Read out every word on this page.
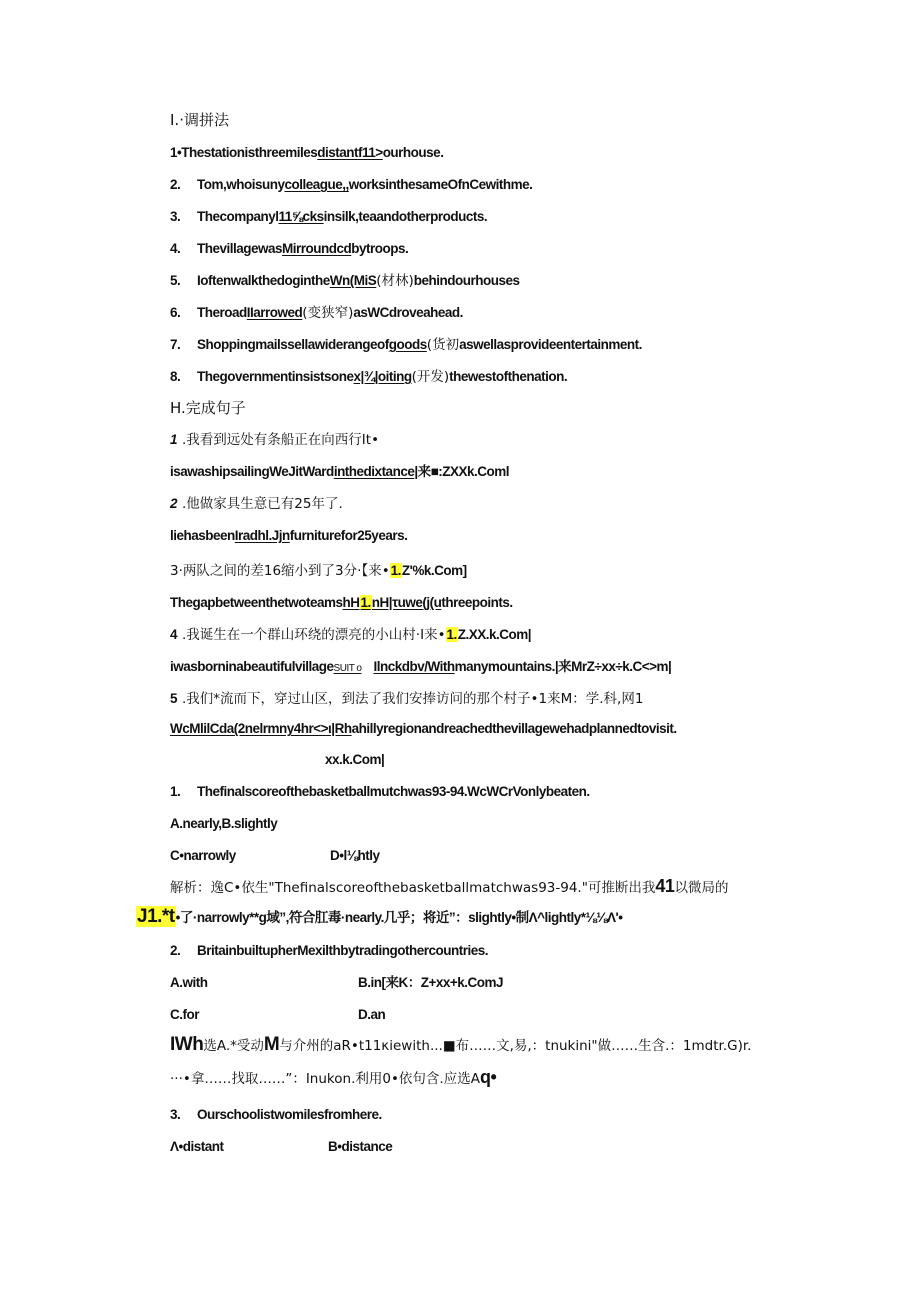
I.·调拼法
1•Thestationisthreemilesdistantf11>ourhouse.
2. Tom,whoisunycolleague,,worksinthesameOfnCewithme.
3. Thecompanyl11⅝cksinsilk,teaandotherproducts.
4. ThevillagewasMirroundcdbytroops.
5. IoftenwalkthedogintheWn(MiS(材林)behindourhouses
6. TheroadIIarrowed(变狭窄)asWCdroveahead.
7. Shoppingmailssellawiderangeofgoods(货初aswellasprovideentertainment.
8. Thegovernmentinsistsonex|¾|oiting(开发)thewestofthenation.
H.完成句子
1 .我看到远处有条船正在向西行It•
isawashipsailingWeJitWardinthedixtance|来■:ZXXk.Coml
2 .他做家具生意已有25年了.
liehasbeenIradhl.Jjnfurniturefor25years.
3·两队之间的差16缩小到了3分·【来•1.Z'%k.Com]
ThegapbetweenthetwoteamshH1.nH|τuwe(j(uthreepoints.
4 .我诞生在一个群山环绕的漂亮的小山村·I来•1.Z.XX.k.Com|
iwasborninabeautifulvillageSUIT o Ilnckdbv/Withmanymountains.|来MrZ÷xx÷k.C<>m|
5 .我们*流而下，穿过山区，到法了我们安捧访问的那个村子•1来M：学.科,网1
WcMlilCda(2nelrmny4hr<>ι|Rhahillyregionandreachedthevillagewehadplannedtovisit.
xx.k.Com|
1. Thefinalscoreofthebasketballmutchwas93-94.WcWCrVonlybeaten.
A.nearly,B.slightly
C•narrowly	D•l⅛htly
解析：逸C•依生"Thefinalscoreofthebasketballmatchwas93-94."可推断出我41以微局的
J1.*t•了·narrowly**g域”,符合肛毒·nearly.几乎；将近”：slightly•制Λ^lightly*⅛⅛Λ'•
2. BritainbuiltupherMexilthbytradingothercountries.
A.with	B.in[来K：Z+xx+k.ComJ
C.for	D.an
IWh选A.*受动M与介州的aR•t11κiewith...■布……文,易,：tnukini"做……生含.：1mdtr.G)r.
···•拿……找取……”：Inukon.利用0•依句含.应选Aq•
3. Ourschoolistwomilesfromhere.
Λ•distant	B•distance
